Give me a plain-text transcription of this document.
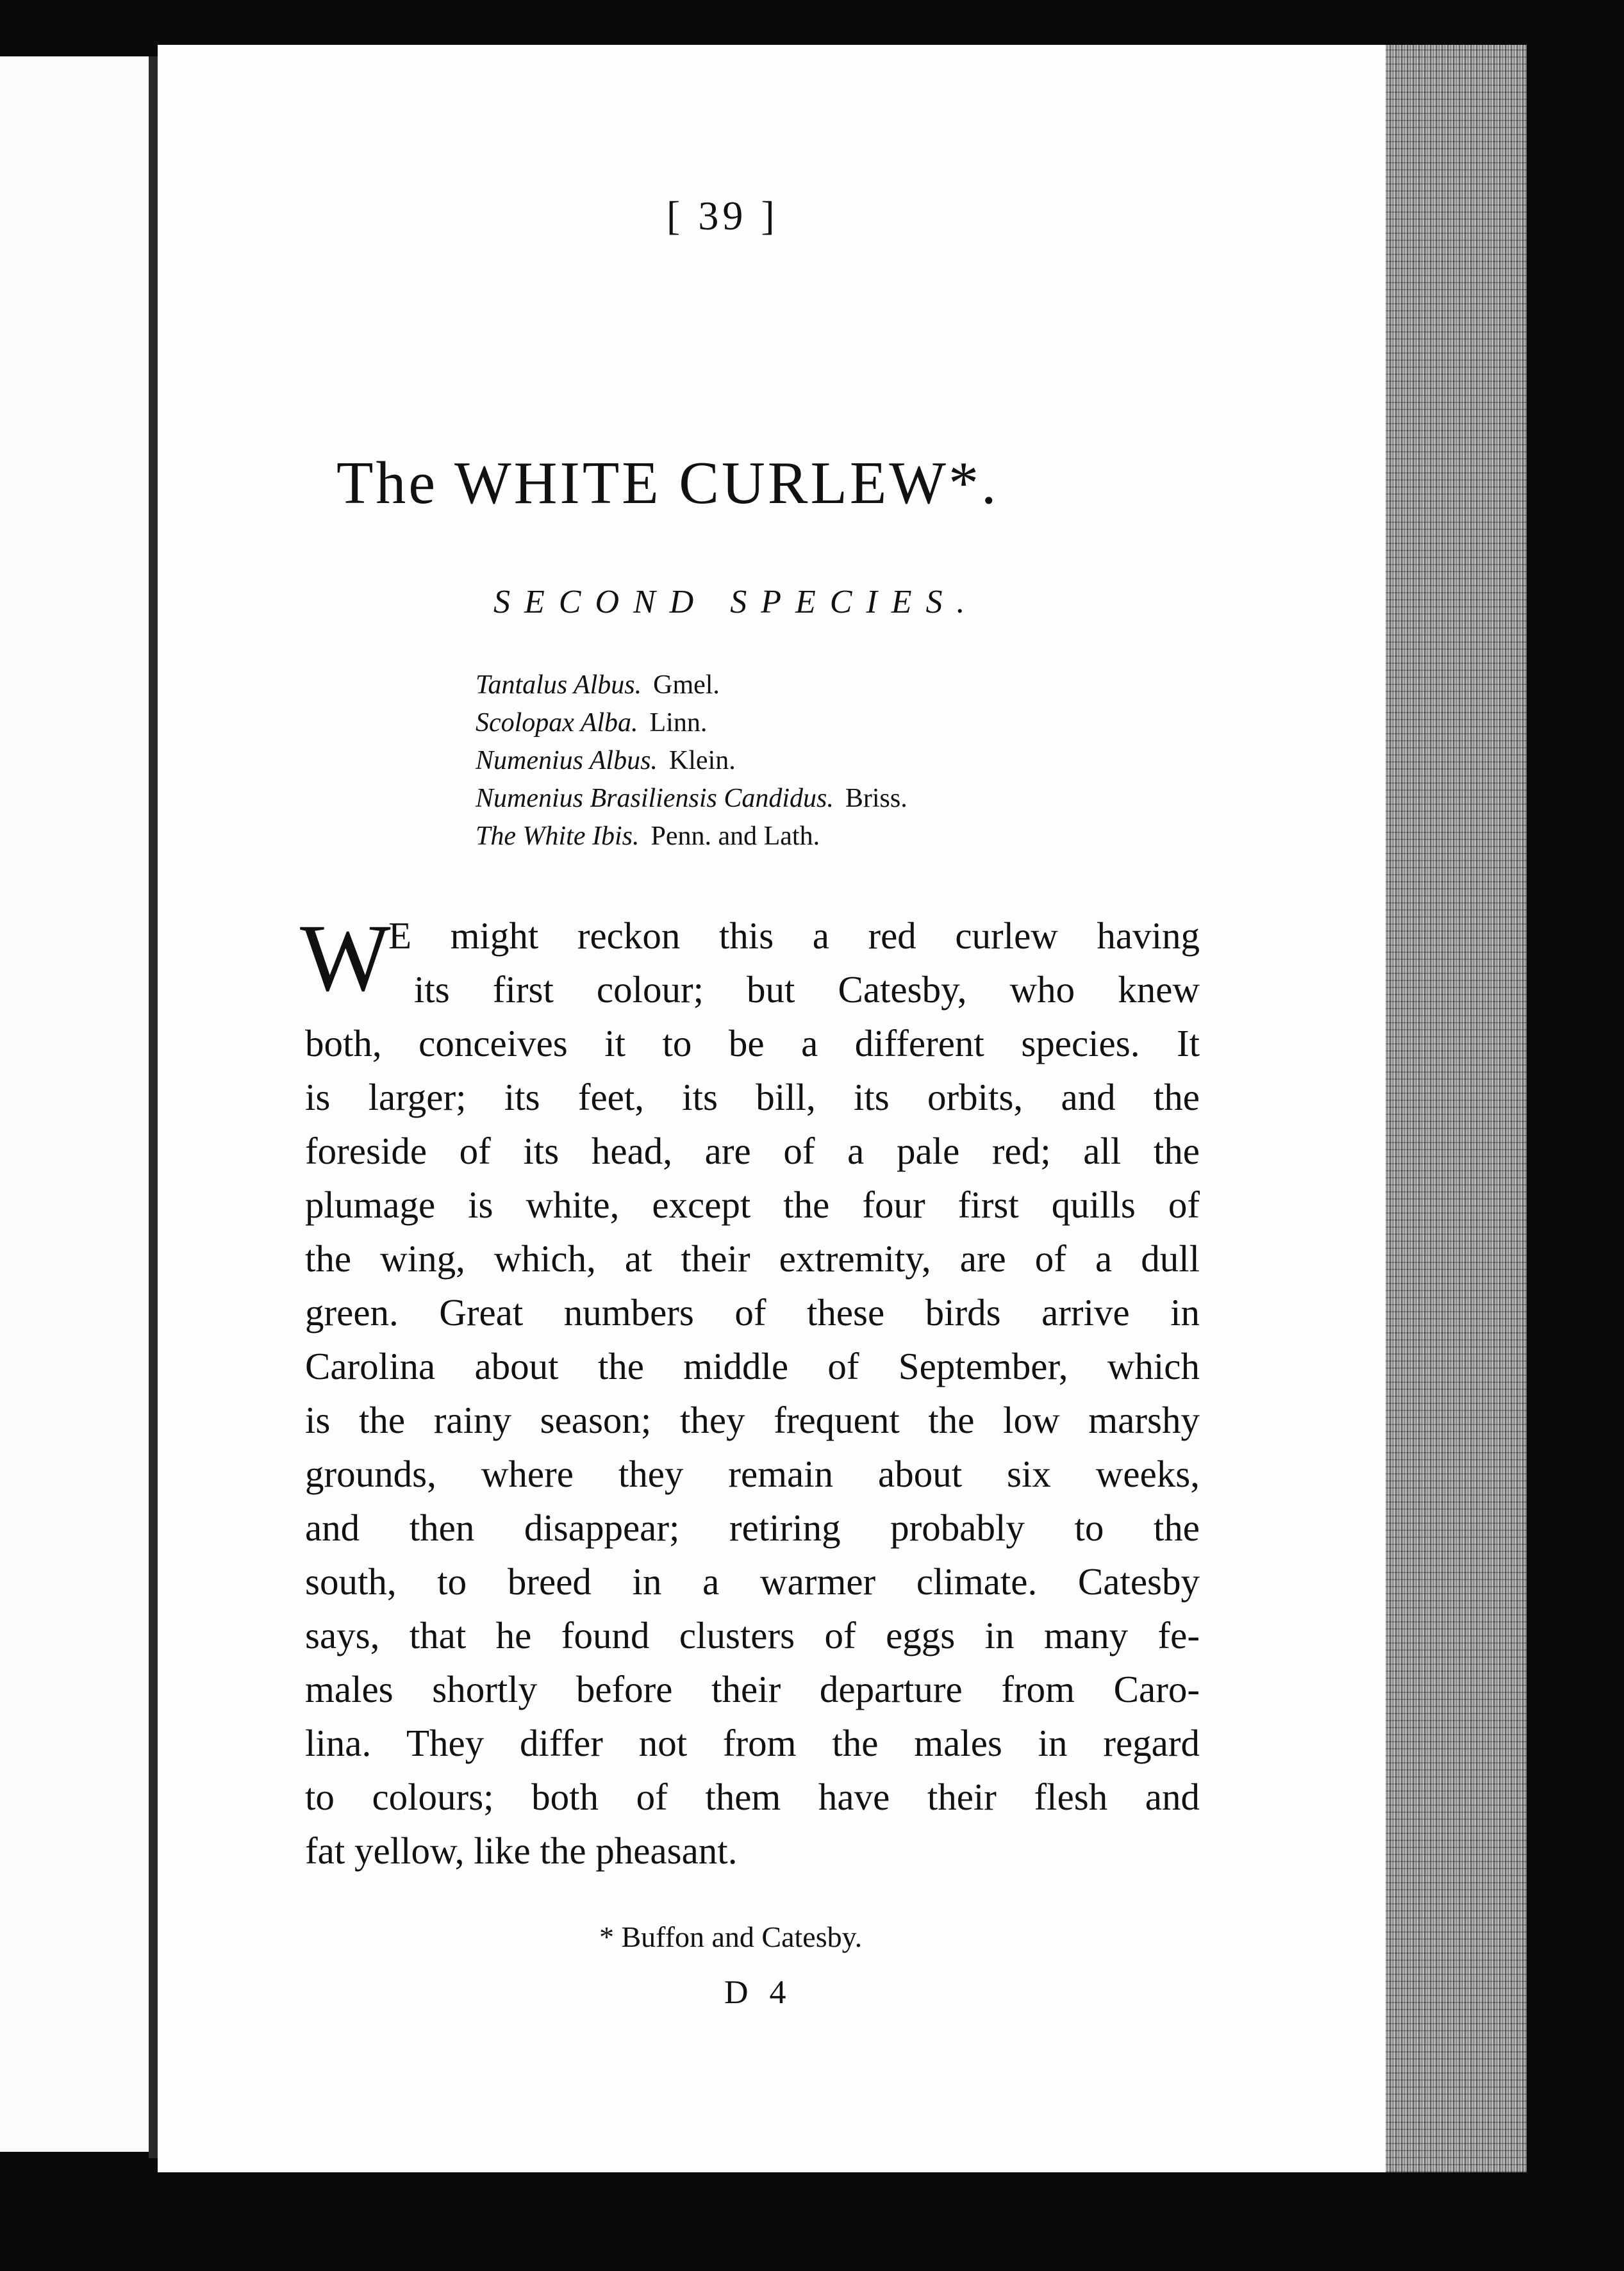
[ 39 ]
The WHITE CURLEW*.
SECOND SPECIES.
Tantalus Albus. Gmel.
Scolopax Alba. Linn.
Numenius Albus. Klein.
Numenius Brasiliensis Candidus. Briss.
The White Ibis. Penn. and Lath.
W
E might reckon this a red curlew having
its first colour; but Catesby, who knew
both, conceives it to be a different species. It
is larger; its feet, its bill, its orbits, and the
foreside of its head, are of a pale red; all the
plumage is white, except the four first quills of
the wing, which, at their extremity, are of a dull
green. Great numbers of these birds arrive in
Carolina about the middle of September, which
is the rainy season; they frequent the low marshy
grounds, where they remain about six weeks,
and then disappear; retiring probably to the
south, to breed in a warmer climate. Catesby
says, that he found clusters of eggs in many fe-
males shortly before their departure from Caro-
lina. They differ not from the males in regard
to colours; both of them have their flesh and
fat yellow, like the pheasant.
* Buffon and Catesby.
D 4
